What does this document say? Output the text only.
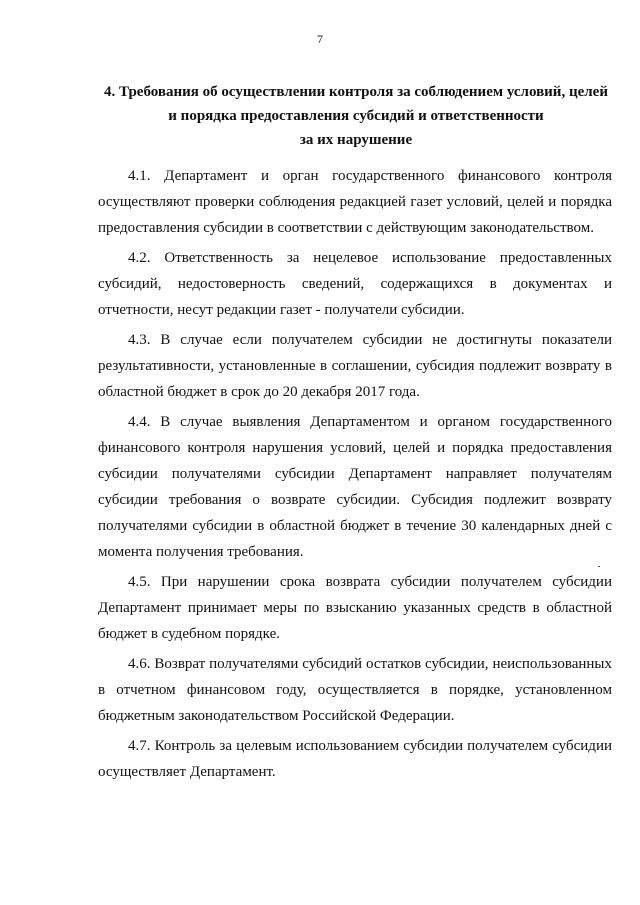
7
4. Требования об осуществлении контроля за соблюдением условий, целей
и порядка предоставления субсидий и ответственности
за их нарушение

4.1. Департамент и орган государственного финансового контроля осуществляют проверки соблюдения редакцией газет условий, целей и порядка предоставления субсидии в соответствии с действующим законодательством.

4.2. Ответственность за нецелевое использование предоставленных субсидий, недостоверность сведений, содержащихся в документах и отчетности, несут редакции газет - получатели субсидии.

4.3. В случае если получателем субсидии не достигнуты показатели результативности, установленные в соглашении, субсидия подлежит возврату в областной бюджет в срок до 20 декабря 2017 года.

4.4. В случае выявления Департаментом и органом государственного финансового контроля нарушения условий, целей и порядка предоставления субсидии получателями субсидии Департамент направляет получателям субсидии требования о возврате субсидии. Субсидия подлежит возврату получателями субсидии в областной бюджет в течение 30 календарных дней с момента получения требования.

4.5. При нарушении срока возврата субсидии получателем субсидии Департамент принимает меры по взысканию указанных средств в областной бюджет в судебном порядке.

4.6. Возврат получателями субсидий остатков субсидии, неиспользованных в отчетном финансовом году, осуществляется в порядке, установленном бюджетным законодательством Российской Федерации.

4.7. Контроль за целевым использованием субсидии получателем субсидии осуществляет Департамент.
